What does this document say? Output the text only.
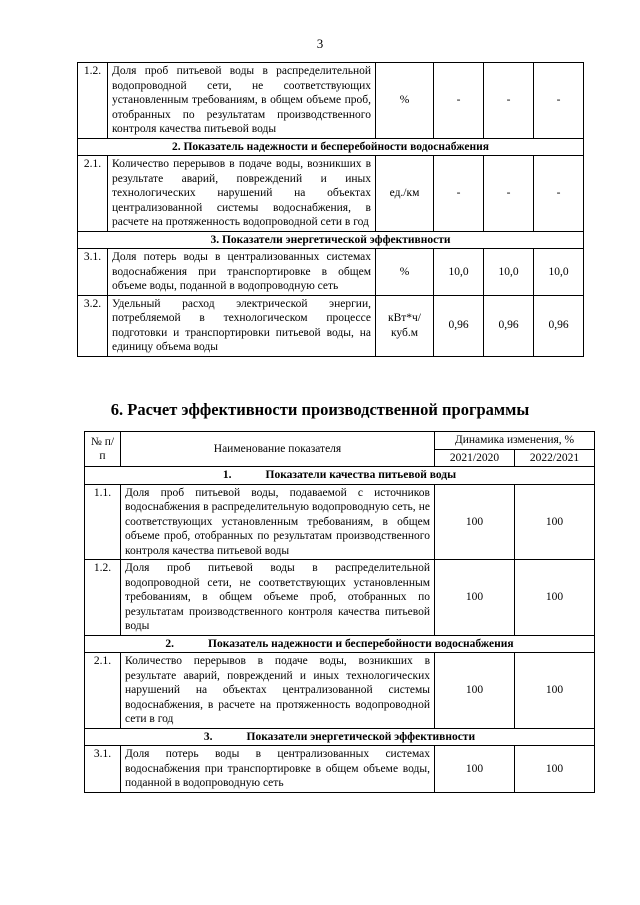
3
1.2.	Доля проб питьевой воды в распределительной водопроводной сети, не соответствующих установленным требованиям, в общем объеме проб, отобранных по результатам производственного контроля качества питьевой воды	%	-	-	-
2. Показатель надежности и бесперебойности водоснабжения					
2.1.	Количество перерывов в подаче воды, возникших в результате аварий, повреждений и иных технологических нарушений на объектах централизованной системы водоснабжения, в расчете на протяженность водопроводной сети в год	ед./км	-	-	-
3. Показатели энергетической эффективности					
3.1.	Доля потерь воды в централизованных системах водоснабжения при транспортировке в общем объеме воды, поданной в водопроводную сеть	%	10,0	10,0	10,0
3.2.	Удельный расход электрической энергии, потребляемой в технологическом процессе подготовки и транспортировки питьевой воды, на единицу объема воды	кВт*ч/ куб.м	0,96	0,96	0,96
6. Расчет эффективности производственной программы
№ п/п	Наименование показателя	Динамика изменения, %	
		2021/2020	2022/2021
1. Показатели качества питьевой воды			
1.1.	Доля проб питьевой воды, подаваемой с источников водоснабжения в распределительную водопроводную сеть, не соответствующих установленным требованиям, в общем объеме проб, отобранных по результатам производственного контроля качества питьевой воды	100	100
1.2.	Доля проб питьевой воды в распределительной водопроводной сети, не соответствующих установленным требованиям, в общем объеме проб, отобранных по результатам производственного контроля качества питьевой воды	100	100
2. Показатель надежности и бесперебойности водоснабжения			
2.1.	Количество перерывов в подаче воды, возникших в результате аварий, повреждений и иных технологических нарушений на объектах централизованной системы водоснабжения, в расчете на протяженность водопроводной сети в год	100	100
3. Показатели энергетической эффективности			
3.1.	Доля потерь воды в централизованных системах водоснабжения при транспортировке в общем объеме воды, поданной в водопроводную сеть	100	100
